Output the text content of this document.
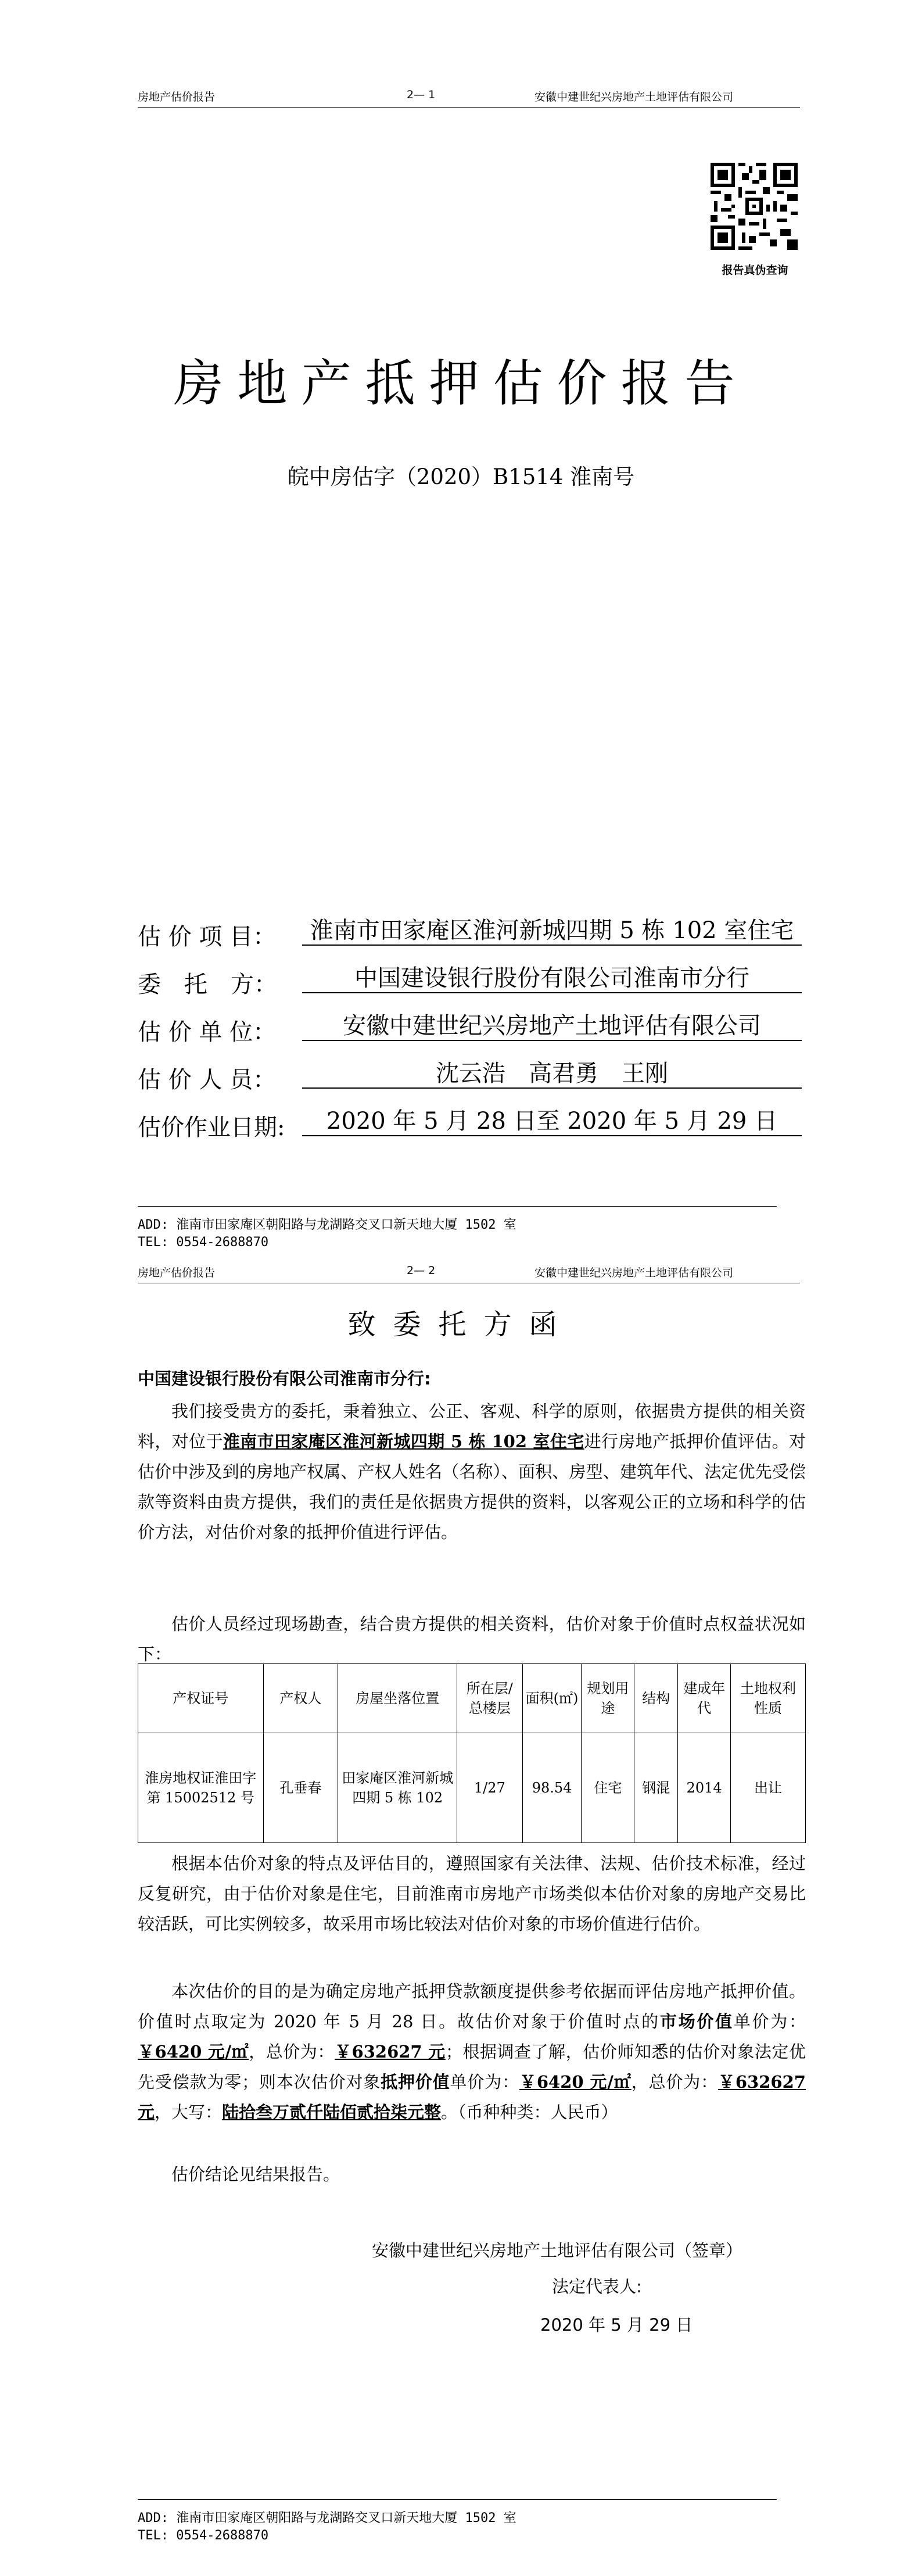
房地产估价报告	2— 1	安徽中建世纪兴房地产土地评估有限公司
报告真伪查询
房地产抵押估价报告
皖中房估字（2020）B1514 淮南号
估 价 项 目：	淮南市田家庵区淮河新城四期 5 栋 102 室住宅
委　托　方：	中国建设银行股份有限公司淮南市分行
估 价 单 位：	安徽中建世纪兴房地产土地评估有限公司
估 价 人 员：	沈云浩　高君勇　王刚
估价作业日期:	2020 年 5 月 28 日至 2020 年 5 月 29 日
ADD: 淮南市田家庵区朝阳路与龙湖路交叉口新天地大厦 1502 室
TEL: 0554-2688870
房地产估价报告	2— 2	安徽中建世纪兴房地产土地评估有限公司
致委托方函
中国建设银行股份有限公司淮南市分行:
我们接受贵方的委托，秉着独立、公正、客观、科学的原则，依据贵方提供的相关资料，对位于淮南市田家庵区淮河新城四期 5 栋 102 室住宅进行房地产抵押价值评估。对估价中涉及到的房地产权属、产权人姓名（名称）、面积、房型、建筑年代、法定优先受偿款等资料由贵方提供，我们的责任是依据贵方提供的资料，以客观公正的立场和科学的估价方法，对估价对象的抵押价值进行评估。
估价人员经过现场勘查，结合贵方提供的相关资料，估价对象于价值时点权益状况如下：
产权证号	产权人	房屋坐落位置	所在层/总楼层	面积(㎡)	规划用途	结构	建成年代	土地权利性质
淮房地权证淮田字第 15002512 号	孔垂春	田家庵区淮河新城四期 5 栋 102	1/27	98.54	住宅	钢混	2014	出让
根据本估价对象的特点及评估目的，遵照国家有关法律、法规、估价技术标准，经过反复研究，由于估价对象是住宅，目前淮南市房地产市场类似本估价对象的房地产交易比较活跃，可比实例较多，故采用市场比较法对估价对象的市场价值进行估价。
本次估价的目的是为确定房地产抵押贷款额度提供参考依据而评估房地产抵押价值。价值时点取定为 2020 年 5 月 28 日。故估价对象于价值时点的市场价值单价为：￥6420 元/㎡，总价为：￥632627 元；根据调查了解，估价师知悉的估价对象法定优先受偿款为零；则本次估价对象抵押价值单价为：￥6420 元/㎡，总价为：￥632627 元，大写：陆拾叁万贰仟陆佰贰拾柒元整。（币种种类：人民币）
估价结论见结果报告。
安徽中建世纪兴房地产土地评估有限公司（签章）
法定代表人:
2020 年 5 月 29 日
ADD: 淮南市田家庵区朝阳路与龙湖路交叉口新天地大厦 1502 室
TEL: 0554-2688870
